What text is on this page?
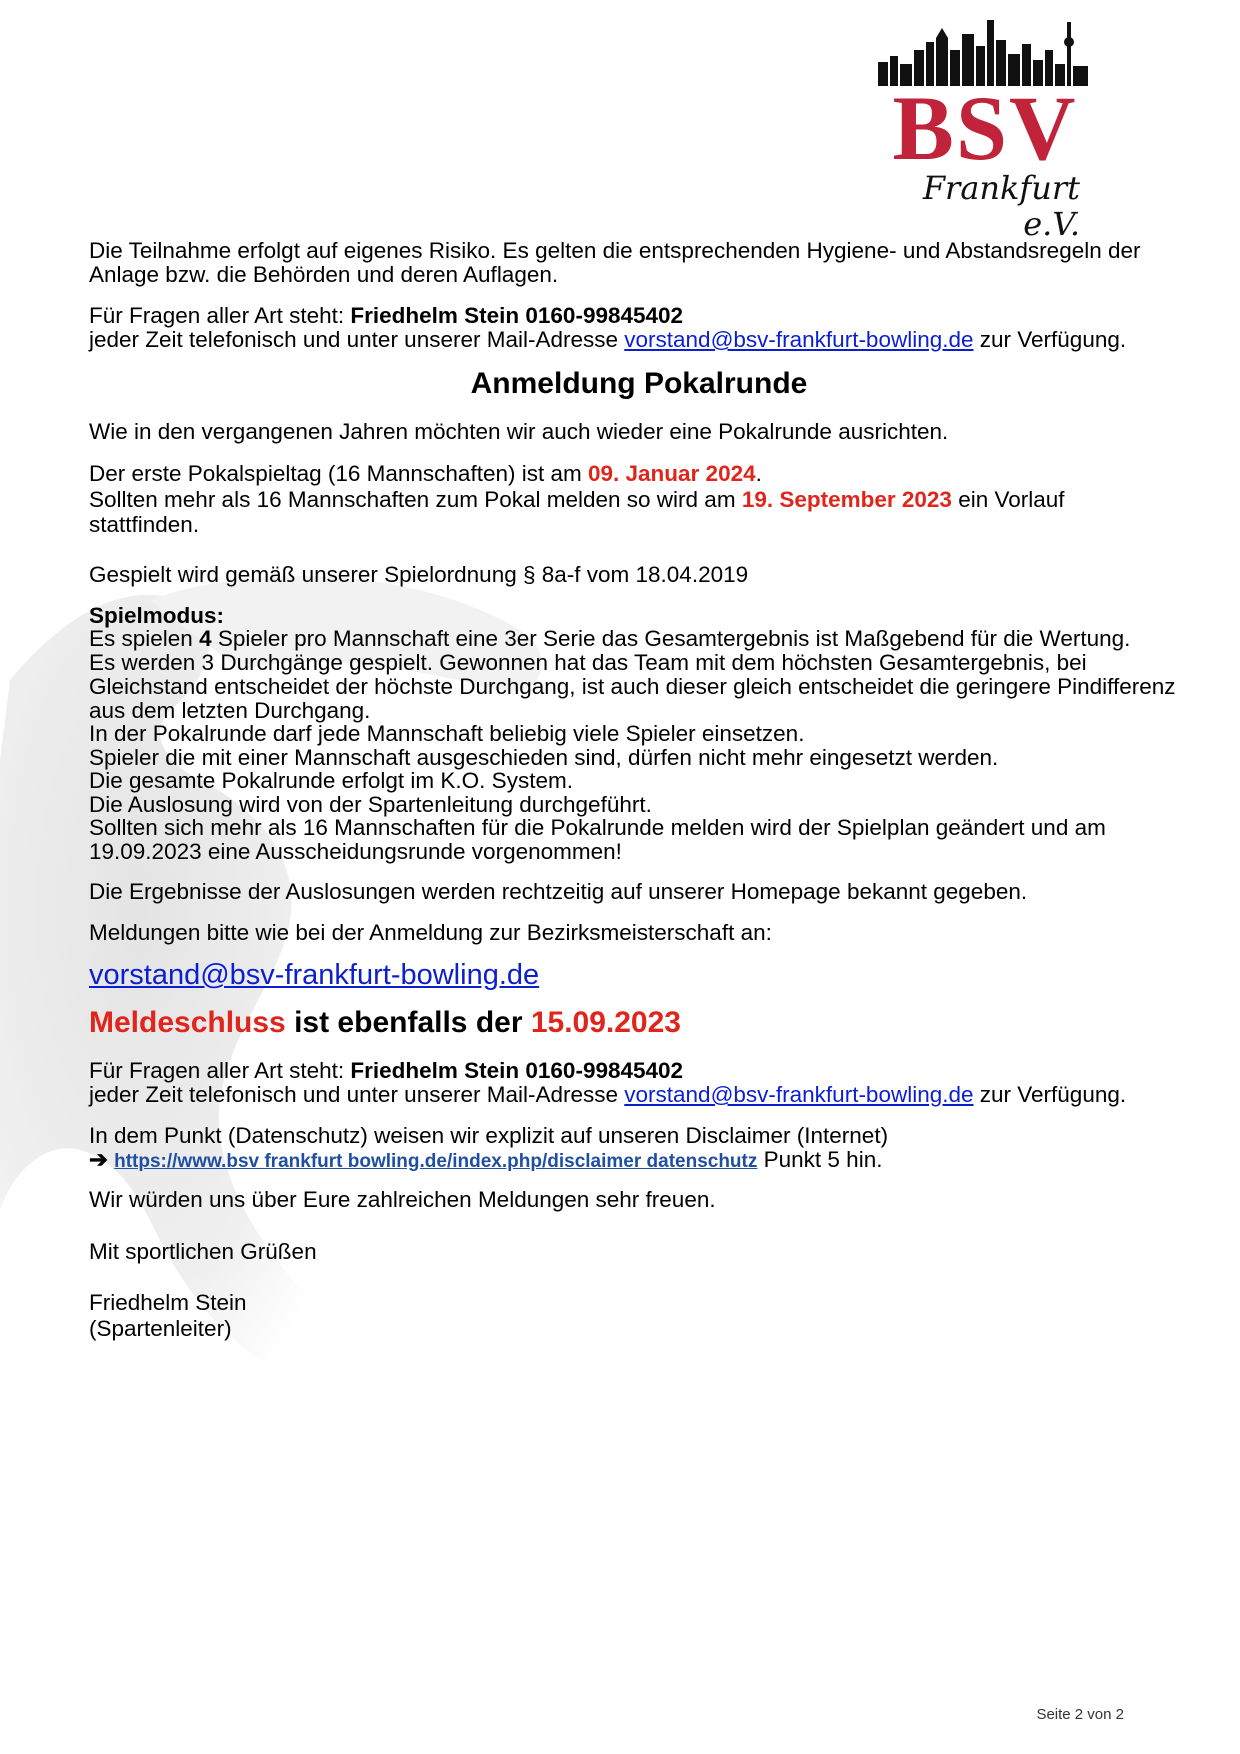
BSV
Frankfurt e.V.

Die Teilnahme erfolgt auf eigenes Risiko. Es gelten die entsprechenden Hygiene- und Abstandsregeln der

Anlage bzw. die Behörden und deren Auflagen.

Für Fragen aller Art steht: Friedhelm Stein 0160-99845402

jeder Zeit telefonisch und unter unserer Mail-Adresse vorstand@bsv-frankfurt-bowling.de zur Verfügung.

Anmeldung Pokalrunde

Wie in den vergangenen Jahren möchten wir auch wieder eine Pokalrunde ausrichten.

Der erste Pokalspieltag (16 Mannschaften) ist am 09. Januar 2024.

Sollten mehr als 16 Mannschaften zum Pokal melden so wird am 19. September 2023 ein Vorlauf

stattfinden.

Gespielt wird gemäß unserer Spielordnung § 8a-f vom 18.04.2019

Spielmodus:

Es spielen 4 Spieler pro Mannschaft eine 3er Serie das Gesamtergebnis ist Maßgebend für die Wertung.

Es werden 3 Durchgänge gespielt. Gewonnen hat das Team mit dem höchsten Gesamtergebnis, bei

Gleichstand entscheidet der höchste Durchgang, ist auch dieser gleich entscheidet die geringere Pindifferenz

aus dem letzten Durchgang.

In der Pokalrunde darf jede Mannschaft beliebig viele Spieler einsetzen.

Spieler die mit einer Mannschaft ausgeschieden sind, dürfen nicht mehr eingesetzt werden.

Die gesamte Pokalrunde erfolgt im K.O. System.

Die Auslosung wird von der Spartenleitung durchgeführt.

Sollten sich mehr als 16 Mannschaften für die Pokalrunde melden wird der Spielplan geändert und am

19.09.2023 eine Ausscheidungsrunde vorgenommen!

Die Ergebnisse der Auslosungen werden rechtzeitig auf unserer Homepage bekannt gegeben.

Meldungen bitte wie bei der Anmeldung zur Bezirksmeisterschaft an:

vorstand@bsv-frankfurt-bowling.de

Meldeschluss ist ebenfalls der 15.09.2023

Für Fragen aller Art steht: Friedhelm Stein 0160-99845402

jeder Zeit telefonisch und unter unserer Mail-Adresse vorstand@bsv-frankfurt-bowling.de zur Verfügung.

In dem Punkt (Datenschutz) weisen wir explizit auf unseren Disclaimer (Internet)

➔ https://www.bsv frankfurt bowling.de/index.php/disclaimer datenschutz Punkt 5 hin.

Wir würden uns über Eure zahlreichen Meldungen sehr freuen.

Mit sportlichen Grüßen

Friedhelm Stein

(Spartenleiter)

Seite 2 von 2
